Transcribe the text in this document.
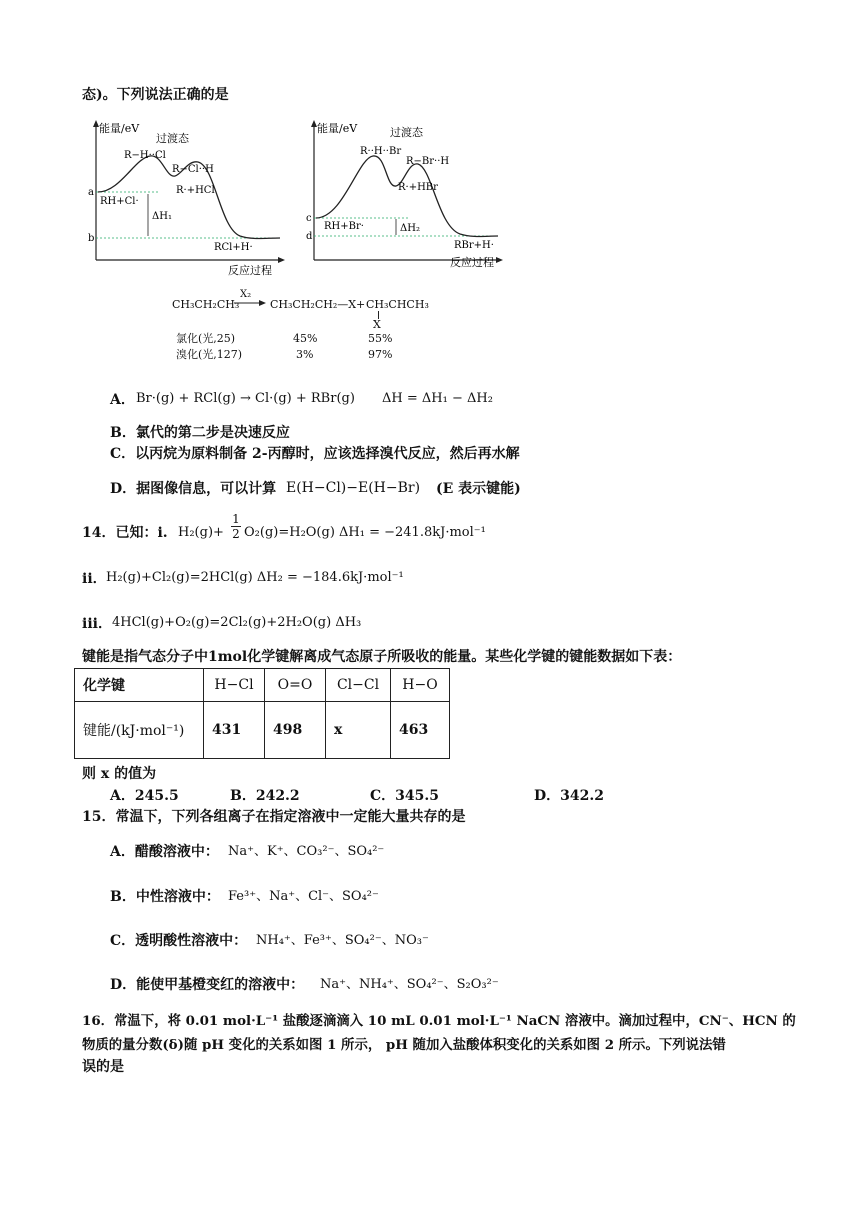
态)。下列说法正确的是
能量/eV
反应过程
a
b
过渡态
R−H··Cl
R−Cl··H
R·+HCl
RH+Cl·
RCl+H·
ΔH₁
能量/eV
反应过程
c
d
过渡态
R··H··Br
R−Br··H
R·+HBr
RH+Br·
RBr+H·
ΔH₂
CH₃CH₂CH₃
X₂
→ CH₃CH₂CH₂—X + CH₃CHCH₃
X
氯化(光,25)	45%	55%
溴化(光,127)	3%	97%
A． Br·(g) + RCl(g) → Cl·(g) + RBr(g) ΔH = ΔH₁ − ΔH₂
B．氯代的第二步是决速反应
C．以丙烷为原料制备 2-丙醇时，应该选择溴代反应，然后再水解
D．据图像信息，可以计算 E(H−Cl)−E(H−Br) (E 表示键能)
14．已知：i. $H_2(g)+ \frac{1}{2} O_2(g)=H_2O(g) \Delta H_1 = -241.8kJ\cdot mol^{-1}$
ii． H₂(g)+Cl₂(g)=2HCl(g) ΔH₂ = −184.6kJ·mol⁻¹
iii． 4HCl(g)+O₂(g)=2Cl₂(g)+2H₂O(g) ΔH₃
键能是指气态分子中1mol化学键解离成气态原子所吸收的能量。某些化学键的键能数据如下表：
化学键	H−Cl	O=O	Cl−Cl	H−O
键能/(kJ·mol⁻¹)	431	498	x	463
则 x 的值为
A．245.5	B．242.2	C．345.5	D．342.2
15．常温下，下列各组离子在指定溶液中一定能大量共存的是
A．醋酸溶液中： Na⁺、K⁺、CO₃²⁻、SO₄²⁻
B．中性溶液中： Fe³⁺、Na⁺、Cl⁻、SO₄²⁻
C．透明酸性溶液中： NH₄⁺、Fe³⁺、SO₄²⁻、NO₃⁻
D．能使甲基橙变红的溶液中： Na⁺、NH₄⁺、SO₄²⁻、S₂O₃²⁻
16．常温下，将 0.01 mol·L⁻¹ 盐酸逐滴滴入 10 mL 0.01 mol·L⁻¹ NaCN 溶液中。滴加过程中，CN⁻、HCN 的
物质的量分数(δ)随 pH 变化的关系如图 1 所示， pH 随加入盐酸体积变化的关系如图 2 所示。下列说法错
误的是
